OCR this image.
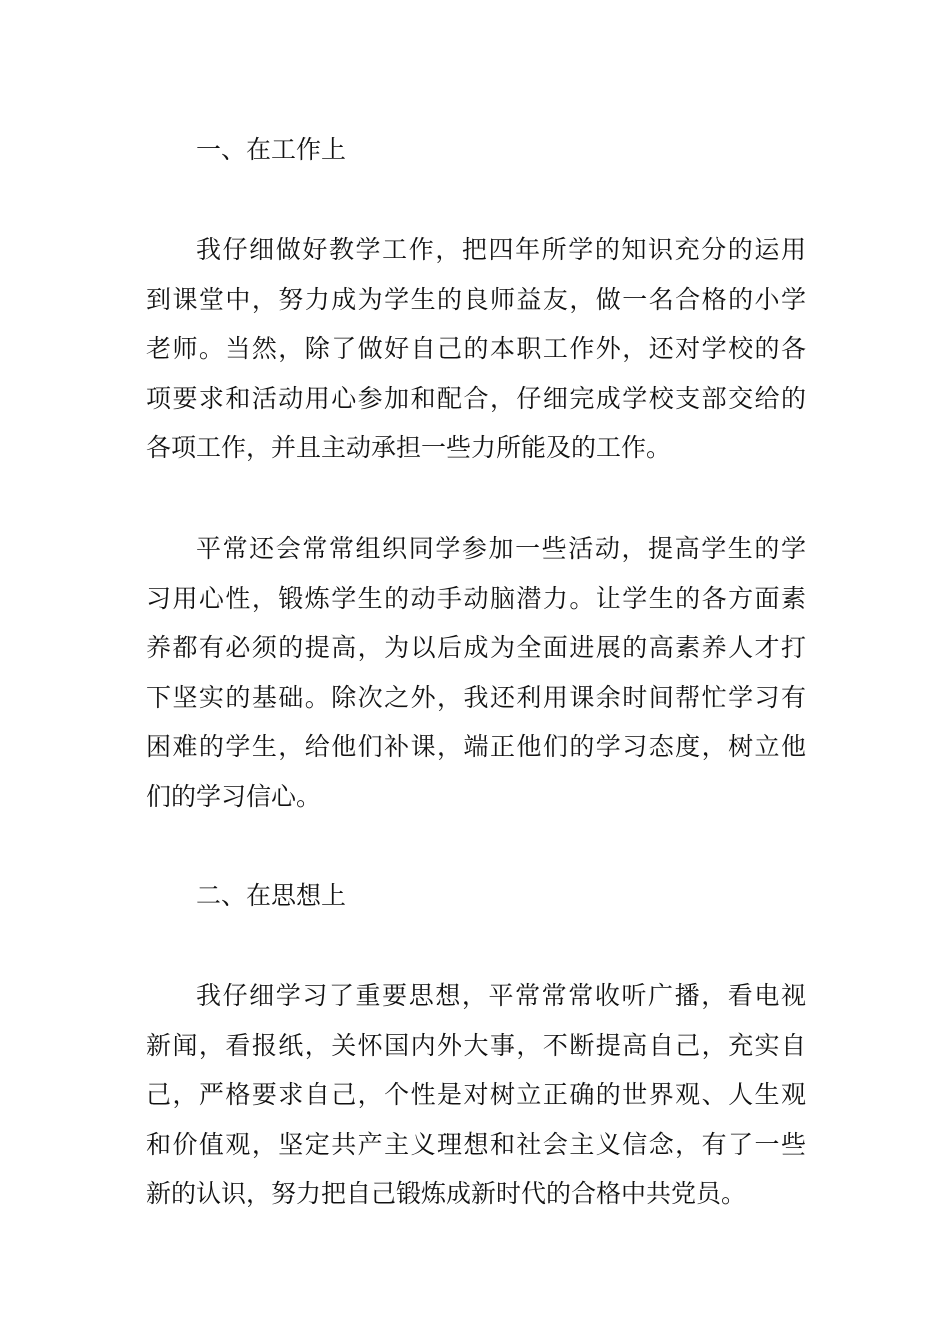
一、在工作上
我仔细做好教学工作，把四年所学的知识充分的运用
到课堂中，努力成为学生的良师益友，做一名合格的小学
老师。当然，除了做好自己的本职工作外，还对学校的各
项要求和活动用心参加和配合，仔细完成学校支部交给的
各项工作，并且主动承担一些力所能及的工作。
平常还会常常组织同学参加一些活动，提高学生的学
习用心性，锻炼学生的动手动脑潜力。让学生的各方面素
养都有必须的提高，为以后成为全面进展的高素养人才打
下坚实的基础。除次之外，我还利用课余时间帮忙学习有
困难的学生，给他们补课，端正他们的学习态度，树立他
们的学习信心。
二、在思想上
我仔细学习了重要思想，平常常常收听广播，看电视
新闻，看报纸，关怀国内外大事，不断提高自己，充实自
己，严格要求自己，个性是对树立正确的世界观、人生观
和价值观，坚定共产主义理想和社会主义信念，有了一些
新的认识，努力把自己锻炼成新时代的合格中共党员。
